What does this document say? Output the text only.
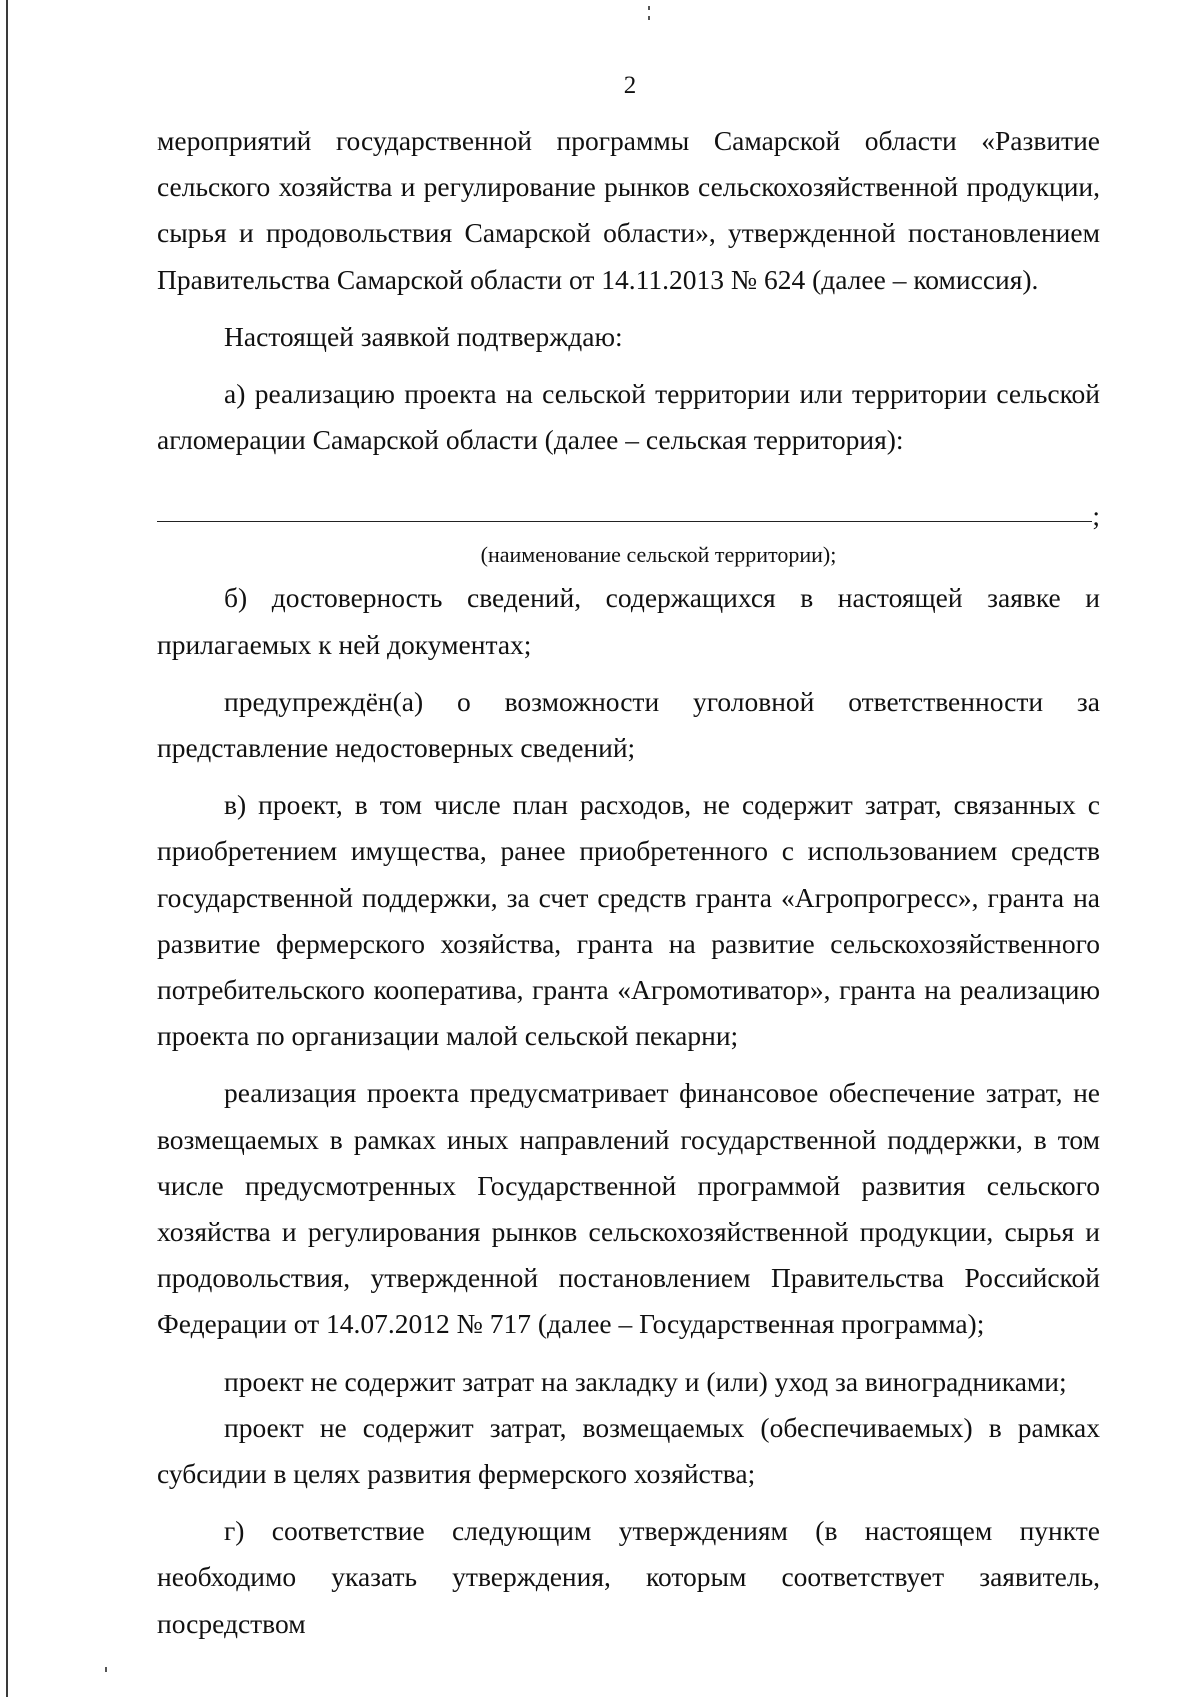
2

мероприятий государственной программы Самарской области «Развитие сельского хозяйства и регулирование рынков сельскохозяйственной продукции, сырья и продовольствия Самарской области», утвержденной постановлением Правительства Самарской области от 14.11.2013 № 624 (далее – комиссия).

Настоящей заявкой подтверждаю:

а) реализацию проекта на сельской территории или территории сельской агломерации Самарской области (далее – сельская территория):

;
(наименование сельской территории);

б) достоверность сведений, содержащихся в настоящей заявке и прилагаемых к ней документах;

предупреждён(а) о возможности уголовной ответственности за представление недостоверных сведений;

в) проект, в том числе план расходов, не содержит затрат, связанных с приобретением имущества, ранее приобретенного с использованием средств государственной поддержки, за счет средств гранта «Агропрогресс», гранта на развитие фермерского хозяйства, гранта на развитие сельскохозяйственного потребительского кооператива, гранта «Агромотиватор», гранта на реализацию проекта по организации малой сельской пекарни;

реализация проекта предусматривает финансовое обеспечение затрат, не возмещаемых в рамках иных направлений государственной поддержки, в том числе предусмотренных Государственной программой развития сельского хозяйства и регулирования рынков сельскохозяйственной продукции, сырья и продовольствия, утвержденной постановлением Правительства Российской Федерации от 14.07.2012 № 717 (далее – Государственная программа);

проект не содержит затрат на закладку и (или) уход за виноградниками;

проект не содержит затрат, возмещаемых (обеспечиваемых) в рамках субсидии в целях развития фермерского хозяйства;

г) соответствие следующим утверждениям (в настоящем пункте необходимо указать утверждения, которым соответствует заявитель, посредством
